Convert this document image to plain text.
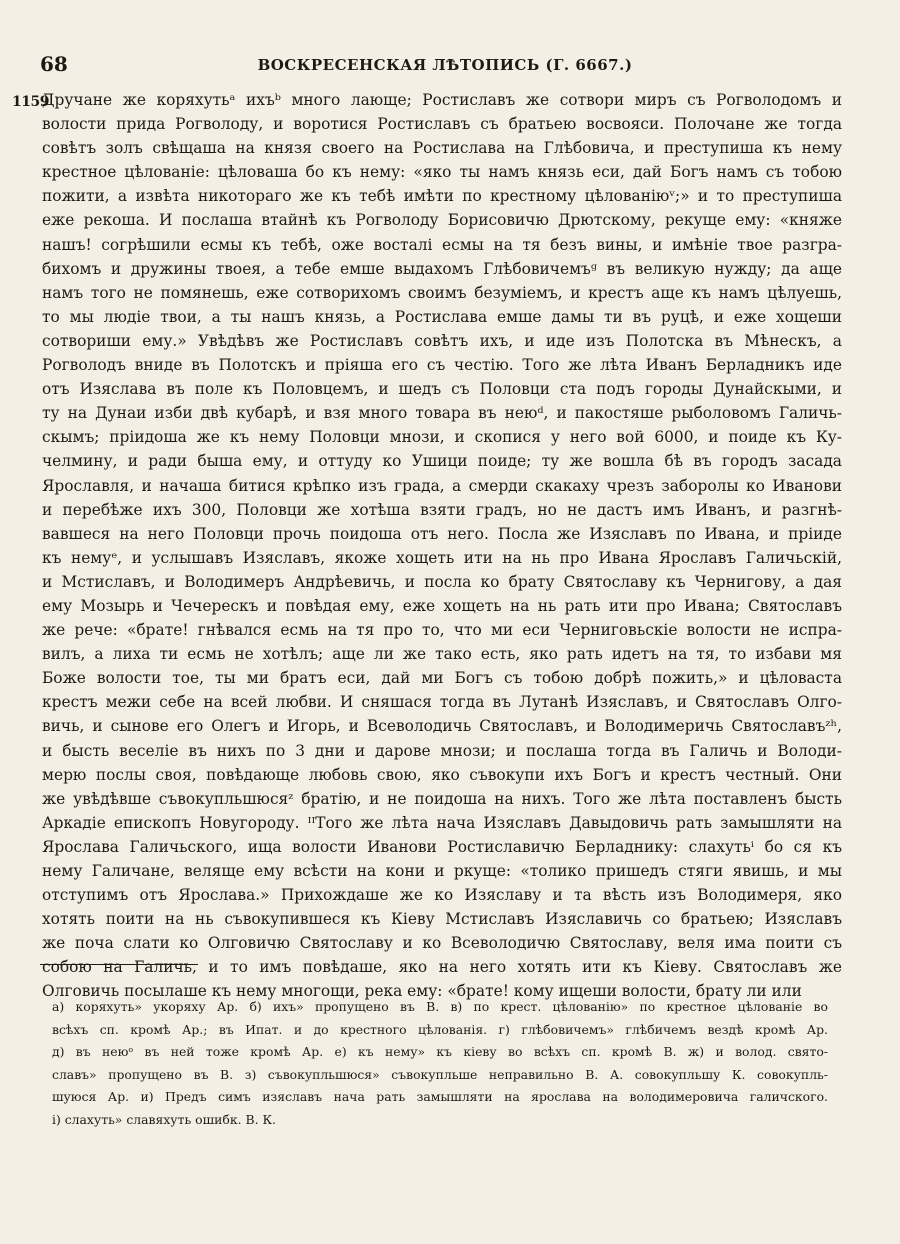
68	ВОСКРЕСЕНСКАЯ ЛѢТОПИСЬ (Г. 6667.)
1159
Дручане же коряхутьᵃ ихъᵇ много лающе; Ростиславъ же сотвори миръ съ Рогволодомъ и
волости прида Рогволоду, и воротися Ростиславъ съ братьею восвояси. Полочане же тогда
совѣтъ золъ свѣщаша на князя своего на Ростислава на Глѣбовича, и преступиша къ нему
крестное цѣлованіе: цѣловаша бо къ нему: «яко ты намъ князь еси, дай Богъ намъ съ тобою
пожити, а извѣта никотораго же къ тебѣ имѣти по крестному цѣлованіюᵛ;» и то преступиша
еже рекоша. И послаша втайнѣ къ Рогволоду Борисовичю Дрютскому, рекуще ему: «княже
нашъ! согрѣшили есмы къ тебѣ, оже восталі есмы на тя безъ вины, и имѣніе твое разгра-
бихомъ и дружины твоея, а тебе емше выдахомъ Глѣбовичемъᵍ въ великую нужду; да аще
намъ того не помянешь, еже сотворихомъ своимъ безуміемъ, и крестъ аще къ намъ цѣлуешь,
то мы людіе твои, а ты нашъ князь, а Ростислава емше дамы ти въ руцѣ, и еже хощеши
сотвориши ему.» Увѣдѣвъ же Ростиславъ совѣтъ ихъ, и иде изъ Полотска въ Мѣнескъ, а
Рогволодъ вниде въ Полотскъ и пріяша его съ честію. Того же лѣта Иванъ Берладникъ иде
отъ Изяслава въ поле къ Половцемъ, и шедъ съ Половци ста подъ городы Дунайскыми, и
ту на Дунаи изби двѣ кубарѣ, и взя много товара въ неюᵈ, и пакостяше рыболовомъ Галичь-
скымъ; пріидоша же къ нему Половци мнози, и скопися у него вой 6000, и поиде къ Ку-
челмину, и ради быша ему, и оттуду ко Ушици поиде; ту же вошла бѣ въ городъ засада
Ярославля, и начаша битися крѣпко изъ града, а смерди скакаху чрезъ заборолы ко Иванови
и перебѣже ихъ 300, Половци же хотѣша взяти градъ, но не дастъ имъ Иванъ, и разгнѣ-
вавшеся на него Половци прочь поидоша отъ него. Посла же Изяславъ по Ивана, и пріиде
къ немуᵉ, и услышавъ Изяславъ, якоже хощеть ити на нь про Ивана Ярославъ Галичьскій,
и Мстиславъ, и Володимеръ Андрѣевичь, и посла ко брату Святославу къ Чернигову, а дая
ему Мозырь и Чечерескъ и повѣдая ему, еже хощеть на нь рать ити про Ивана; Святославъ
же рече: «брате! гнѣвался есмь на тя про то, что ми еси Черниговьскіе волости не испра-
вилъ, а лиха ти есмь не хотѣлъ; аще ли же тако есть, яко рать идетъ на тя, то избави мя
Боже волости тое, ты ми братъ еси, дай ми Богъ съ тобою добрѣ пожить,» и цѣловаста
крестъ межи себе на всей любви. И сняшася тогда въ Лутанѣ Изяславъ, и Святославъ Олго-
вичь, и сынове его Олегъ и Игорь, и Всеволодичь Святославъ, и Володимеричь Святославъᶻʰ,
и бысть веселіе въ нихъ по 3 дни и дарове мнози; и послаша тогда въ Галичь и Володи-
мерю послы своя, повѣдающе любовь свою, яко съвокупи ихъ Богъ и крестъ честный. Они
же увѣдѣвше съвокупльшюсяᶻ братію, и не поидоша на нихъ. Того же лѣта поставленъ бысть
Аркадіе епископъ Новугороду. ᴵᴵТого же лѣта нача Изяславъ Давыдовичь рать замышляти на
Ярослава Галичьского, ища волости Иванови Ростиславичю Берладнику: слахутьⁱ бо ся къ
нему Галичане, веляще ему всѣсти на кони и ркуще: «толико пришедъ стяги явишь, и мы
отступимъ отъ Ярослава.» Прихождаше же ко Изяславу и та вѣсть изъ Володимеря, яко
хотять поити на нь съвокупившеся къ Кіеву Мстиславъ Изяславичь со братьею; Изяславъ
же поча слати ко Олговичю Святославу и ко Всеволодичю Святославу, веля има поити съ
собою на Галичь, и то имъ повѣдаше, яко на него хотять ити къ Кіеву. Святославъ же
Олговичь посылаше къ нему многощи, река ему: «брате! кому ищеши волости, брату ли или
а) коряхуть» укоряху Ар. б) ихъ» пропущено въ В. в) по крест. цѣлованію» по крестное цѣлованіе во
всѣхъ сп. кромѣ Ар.; въ Ипат. и до крестного цѣлованія. г) глѣбовичемъ» глѣбичемъ вездѣ кромѣ Ар.
д) въ неюᵒ въ ней тоже кромѣ Ар. е) къ нему» къ кіеву во всѣхъ сп. кромѣ В. ж) и волод. свято-
славъ» пропущено въ В. з) съвокупльшюся» съвокупльше неправильно В. А. совокупльшу К. совокупль-
шуюся Ар. и) Предъ симъ изяславъ нача рать замышляти на ярослава на володимеровича галичского.
і) слахуть» славяхуть ошибк. В. К.
